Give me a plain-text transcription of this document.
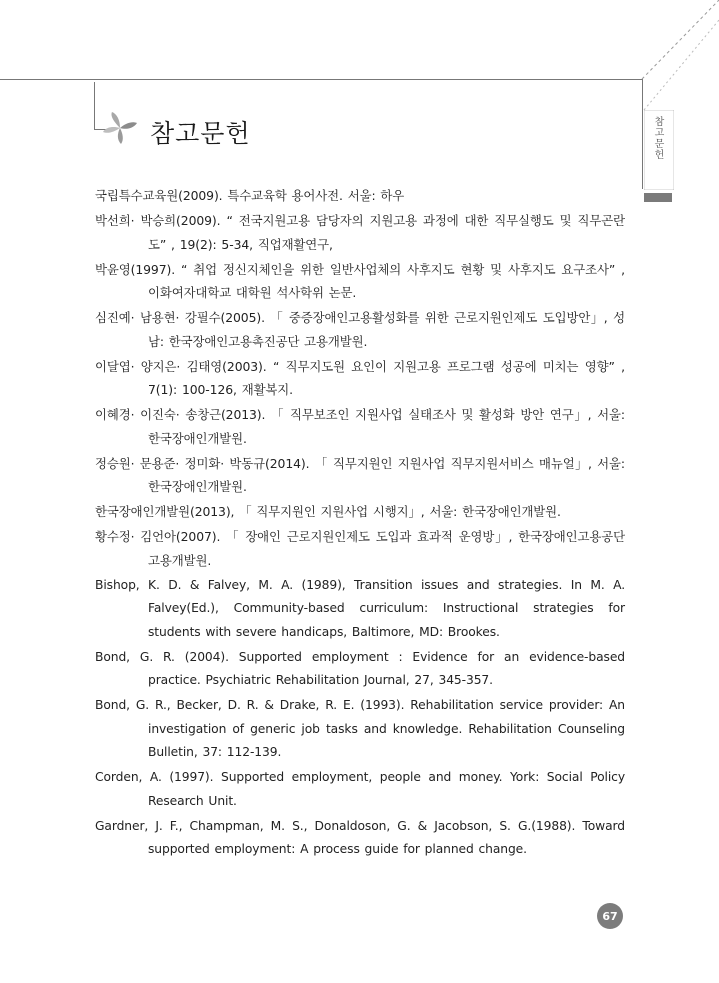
참고문헌
참고문헌
국립특수교육원(2009). 특수교육학 용어사전. 서울: 하우
박선희· 박승희(2009). “ 전국지원고용 담당자의 지원고용 과정에 대한 직무실행도 및 직무곤란도” , 19(2): 5-34, 직업재활연구,
박윤영(1997). “ 취업 정신지체인을 위한 일반사업체의 사후지도 현황 및 사후지도 요구조사” , 이화여자대학교 대학원 석사학위 논문.
심진예· 남용현· 강필수(2005). 「 중증장애인고용활성화를 위한 근로지원인제도 도입방안」, 성남: 한국장애인고용촉진공단 고용개발원.
이달엽· 양지은· 김태영(2003). “ 직무지도원 요인이 지원고용 프로그램 성공에 미치는 영향” , 7(1): 100-126, 재활복지.
이혜경· 이진숙· 송창근(2013). 「 직무보조인 지원사업 실태조사 및 활성화 방안 연구」, 서울: 한국장애인개발원.
정승원· 문용준· 정미화· 박동규(2014). 「 직무지원인 지원사업 직무지원서비스 매뉴얼」, 서울: 한국장애인개발원.
한국장애인개발원(2013), 「 직무지원인 지원사업 시행지」, 서울: 한국장애인개발원.
황수정· 김언아(2007). 「 장애인 근로지원인제도 도입과 효과적 운영방」, 한국장애인고용공단 고용개발원.
Bishop, K. D. & Falvey, M. A. (1989), Transition issues and strategies. In M. A. Falvey(Ed.), Community-based curriculum: Instructional strategies for students with severe handicaps, Baltimore, MD: Brookes.
Bond, G. R. (2004). Supported employment : Evidence for an evidence-based practice. Psychiatric Rehabilitation Journal, 27, 345-357.
Bond, G. R., Becker, D. R. & Drake, R. E. (1993). Rehabilitation service provider: An investigation of generic job tasks and knowledge. Rehabilitation Counseling Bulletin, 37: 112-139.
Corden, A. (1997). Supported employment, people and money. York: Social Policy Research Unit.
Gardner, J. F., Champman, M. S., Donaldoson, G. & Jacobson, S. G.(1988). Toward supported employment: A process guide for planned change.
67
